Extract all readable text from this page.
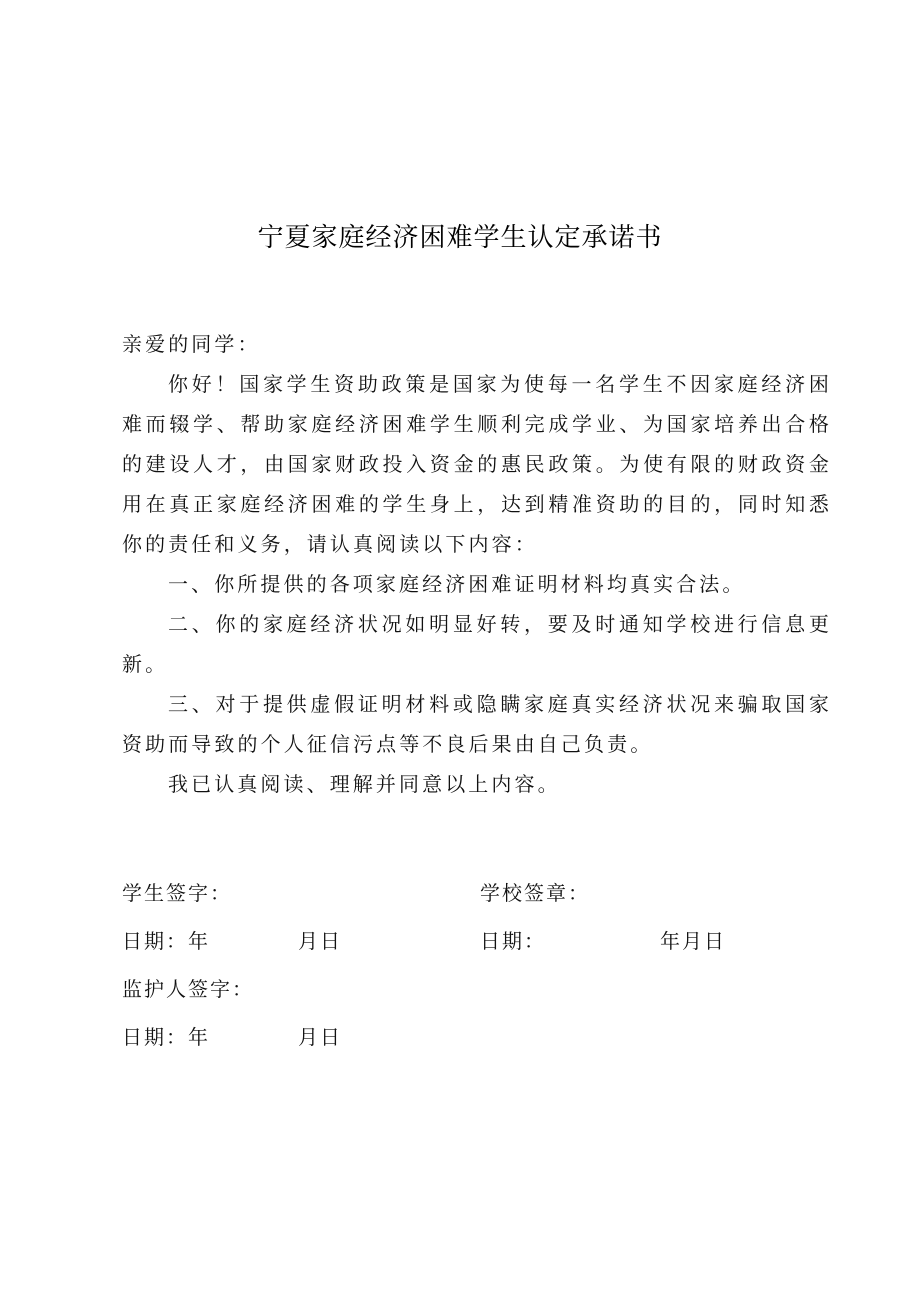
宁夏家庭经济困难学生认定承诺书

亲爱的同学：

你好！国家学生资助政策是国家为使每一名学生不因家庭经济困难而辍学、帮助家庭经济困难学生顺利完成学业、为国家培养出合格的建设人才，由国家财政投入资金的惠民政策。为使有限的财政资金用在真正家庭经济困难的学生身上，达到精准资助的目的，同时知悉你的责任和义务，请认真阅读以下内容：

一、你所提供的各项家庭经济困难证明材料均真实合法。

二、你的家庭经济状况如明显好转，要及时通知学校进行信息更新。

三、对于提供虚假证明材料或隐瞒家庭真实经济状况来骗取国家资助而导致的个人征信污点等不良后果由自己负责。

我已认真阅读、理解并同意以上内容。

学生签字：	学校签章：
日期：年	月日	日期：	年月日
监护人签字：
日期：年	月日
